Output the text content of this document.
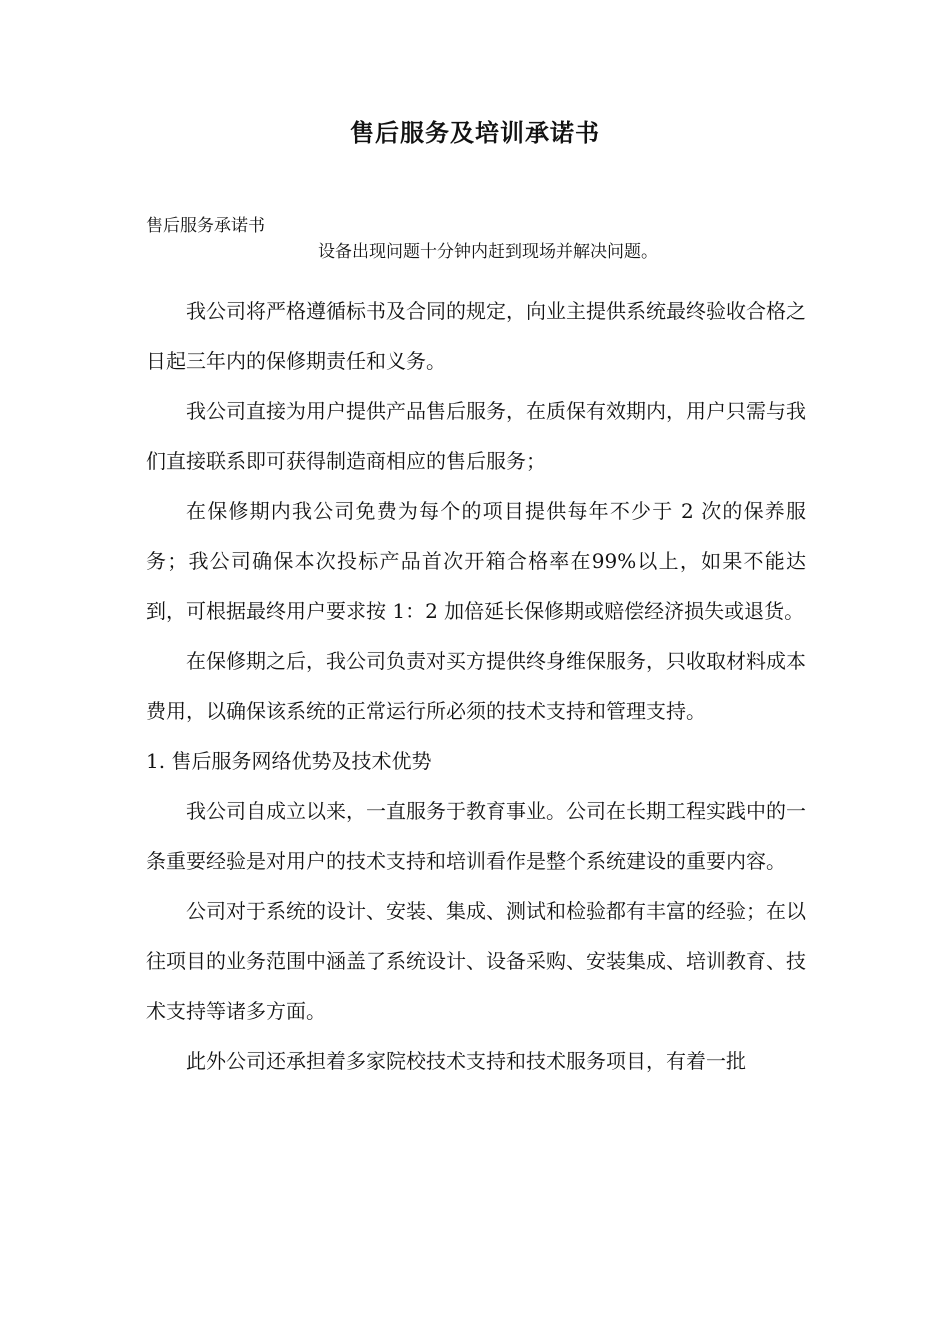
售后服务及培训承诺书

售后服务承诺书

设备出现问题十分钟内赶到现场并解决问题。

我公司将严格遵循标书及合同的规定，向业主提供系统最终验收合格之日起三年内的保修期责任和义务。

我公司直接为用户提供产品售后服务，在质保有效期内，用户只需与我们直接联系即可获得制造商相应的售后服务；

在保修期内我公司免费为每个的项目提供每年不少于 2 次的保养服务；我公司确保本次投标产品首次开箱合格率在99%以上，如果不能达到，可根据最终用户要求按 1：2 加倍延长保修期或赔偿经济损失或退货。

在保修期之后，我公司负责对买方提供终身维保服务，只收取材料成本费用，以确保该系统的正常运行所必须的技术支持和管理支持。

1. 售后服务网络优势及技术优势

我公司自成立以来，一直服务于教育事业。公司在长期工程实践中的一条重要经验是对用户的技术支持和培训看作是整个系统建设的重要内容。

公司对于系统的设计、安装、集成、测试和检验都有丰富的经验；在以往项目的业务范围中涵盖了系统设计、设备采购、安装集成、培训教育、技术支持等诸多方面。

此外公司还承担着多家院校技术支持和技术服务项目，有着一批
